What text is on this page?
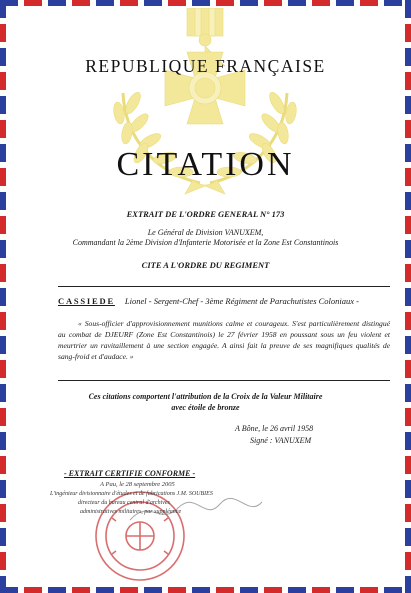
REPUBLIQUE FRANÇAISE
CITATION
EXTRAIT DE L'ORDRE GENERAL N° 173
Le Général de Division VANUXEM,
Commandant la 2ème Division d'Infanterie Motorisée et la Zone Est Constantinois
CITE A L'ORDRE DU REGIMENT
CASSIEDE Lionel - Sergent-Chef - 3ème Régiment de Parachutistes Coloniaux -

« Sous-officier d'approvisionnement munitions calme et courageux. S'est particulièrement distingué au combat de DJEURF (Zone Est Constantinois) le 27 février 1958 en poussant sous un feu violent et meurtrier un ravitaillement à une section engagée. A ainsi fait la preuve de ses magnifiques qualités de sang-froid et d'audace. »

Ces citations comportent l'attribution de la Croix de la Valeur Militaire
avec étoile de bronze
A Bône, le 26 avril 1958
Signé : VANUXEM
- EXTRAIT CERTIFIE CONFORME -
A Pau, le 28 septembre 2005
L'ingénieur divisionnaire d'études et de fabrications J.M. SOUBIES
directeur du bureau central d'archives
administratives militaires, par suppléance
